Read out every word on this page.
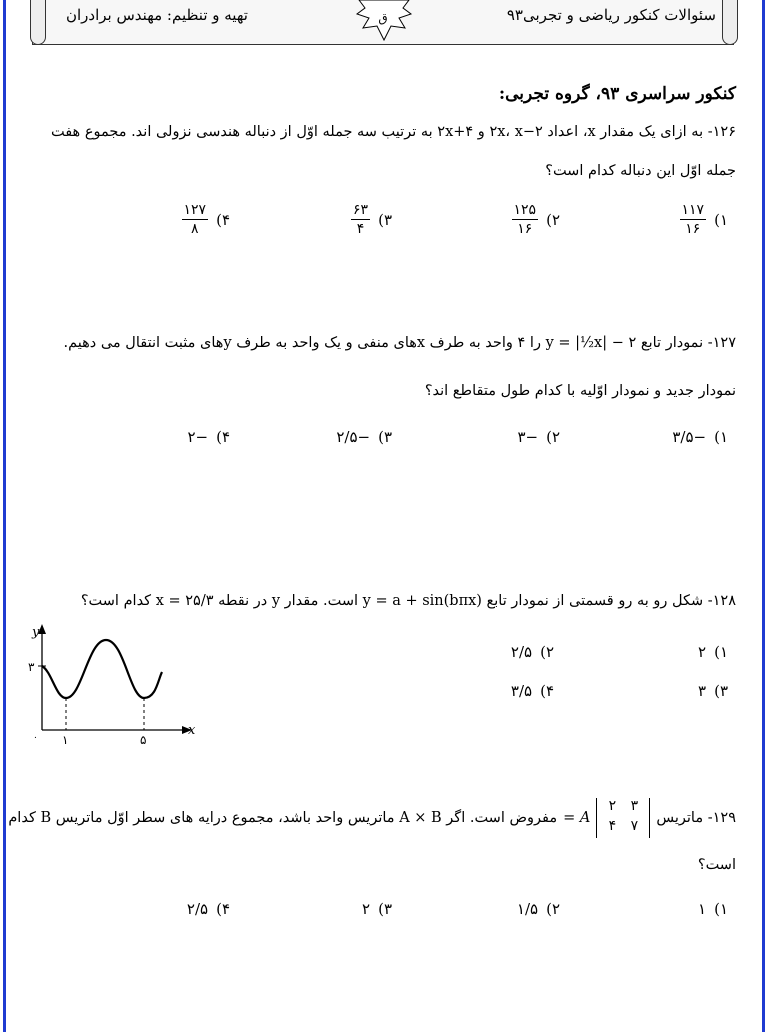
سئوالات کنکور ریاضی و تجربی۹۳
تهیه و تنظیم: مهندس برادران	ق
کنکور سراسری ۹۳، گروه تجربی:
۱۲۶- به ازای یک مقدار x، اعداد ۲−۲x، x و ۴+۲x به ترتیب سه جمله اوّل از دنباله هندسی نزولی اند. مجموع هفت
جمله اوّل این دنباله کدام است؟
۱)
$\frac{۱۱۷}{۱۶}$
۲)
$\frac{۱۲۵}{۱۶}$
۳)
$\frac{۶۳}{۴}$
۴)
$\frac{۱۲۷}{۸}$
۱۲۷- نمودار تابع y = |½x| − ۲ را ۴ واحد به طرف xهای منفی و یک واحد به طرف yهای مثبت انتقال می دهیم.
نمودار جدید و نمودار اوّلیه با کدام طول متقاطع اند؟
۱)
−۳/۵
۲)
−۳
۳)
−۲/۵
۴)
−۲
۱۲۸- شکل رو به رو قسمتی از نمودار تابع y = a + sin(bπx) است. مقدار y در نقطه x = ۲۵/۳ کدام است؟
۱)
۲
۲)
۲/۵
۳)
۳
۴)
۳/۵
y
x
۳
۰ ۱	۵
۱۲۹- ماتریس
۲	۳
۴	۷
A =
مفروض است. اگر A × B ماتریس واحد باشد، مجموع درایه های سطر اوّل ماتریس B کدام
است؟
۱)
۱
۲)
۱/۵
۳)
۲
۴)
۲/۵
